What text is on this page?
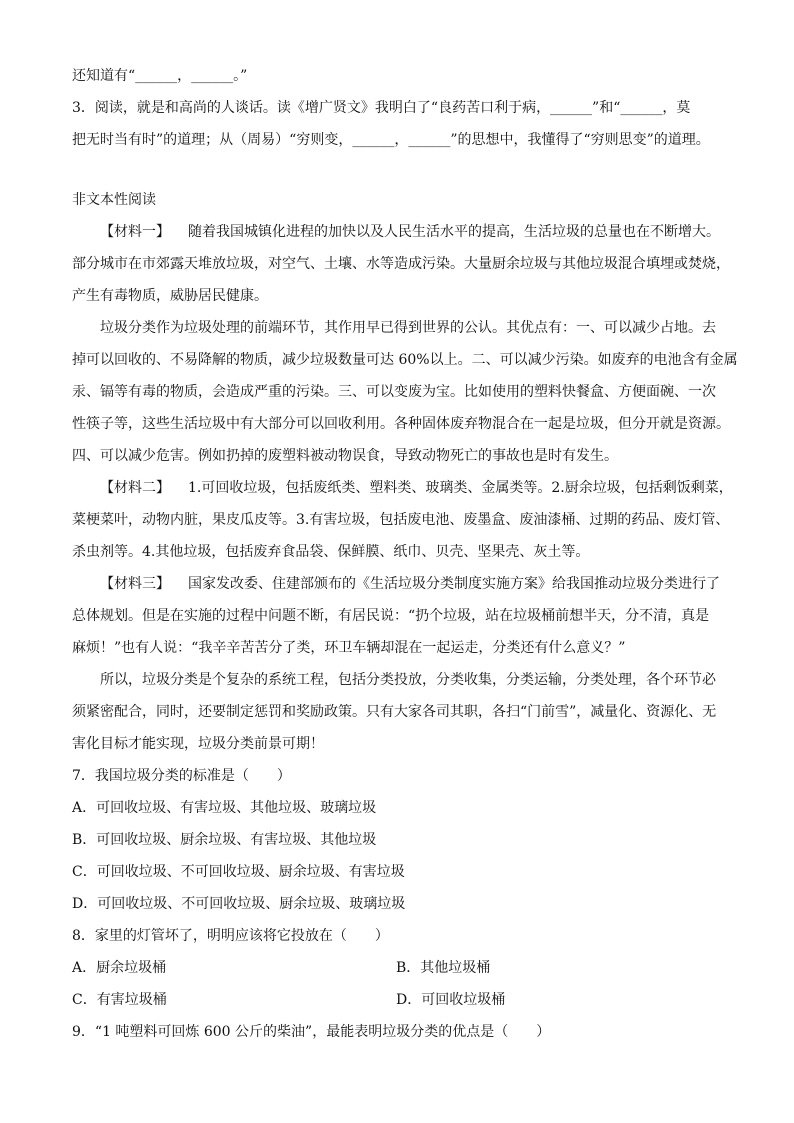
还知道有“______，______。”
3．阅读，就是和高尚的人谈话。读《增广贤文》我明白了“良药苦口利于病，______”和“______，莫
把无时当有时”的道理；从（周易）“穷则变，______，______”的思想中，我懂得了“穷则思变”的道理。
非文本性阅读
【材料一】 随着我国城镇化进程的加快以及人民生活水平的提高，生活垃圾的总量也在不断增大。
部分城市在市郊露天堆放垃圾，对空气、土壤、水等造成污染。大量厨余垃圾与其他垃圾混合填埋或焚烧，
产生有毒物质，威胁居民健康。
垃圾分类作为垃圾处理的前端环节，其作用早已得到世界的公认。其优点有：一、可以减少占地。去
掉可以回收的、不易降解的物质，减少垃圾数量可达 60%以上。二、可以减少污染。如废弃的电池含有金属
汞、镉等有毒的物质，会造成严重的污染。三、可以变废为宝。比如使用的塑料快餐盒、方便面碗、一次
性筷子等，这些生活垃圾中有大部分可以回收利用。各种固体废弃物混合在一起是垃圾，但分开就是资源。
四、可以减少危害。例如扔掉的废塑料被动物误食，导致动物死亡的事故也是时有发生。
【材料二】 1.可回收垃圾，包括废纸类、塑料类、玻璃类、金属类等。2.厨余垃圾，包括剩饭剩菜，
菜梗菜叶，动物内脏，果皮瓜皮等。3.有害垃圾，包括废电池、废墨盒、废油漆桶、过期的药品、废灯管、
杀虫剂等。4.其他垃圾，包括废弃食品袋、保鲜膜、纸巾、贝壳、坚果壳、灰土等。
【材料三】 国家发改委、住建部颁布的《生活垃圾分类制度实施方案》给我国推动垃圾分类进行了
总体规划。但是在实施的过程中问题不断，有居民说：“扔个垃圾，站在垃圾桶前想半天，分不清，真是
麻烦！”也有人说：“我辛辛苦苦分了类，环卫车辆却混在一起运走，分类还有什么意义？”
所以，垃圾分类是个复杂的系统工程，包括分类投放，分类收集，分类运输，分类处理，各个环节必
须紧密配合，同时，还要制定惩罚和奖励政策。只有大家各司其职，各扫“门前雪”，减量化、资源化、无
害化目标才能实现，垃圾分类前景可期！
7．我国垃圾分类的标准是（　　）
A．可回收垃圾、有害垃圾、其他垃圾、玻璃垃圾
B．可回收垃圾、厨余垃圾、有害垃圾、其他垃圾
C．可回收垃圾、不可回收垃圾、厨余垃圾、有害垃圾
D．可回收垃圾、不可回收垃圾、厨余垃圾、玻璃垃圾
8．家里的灯管坏了，明明应该将它投放在（　　）
A．厨余垃圾桶	B．其他垃圾桶
C．有害垃圾桶	D．可回收垃圾桶
9．“1 吨塑料可回炼 600 公斤的柴油”，最能表明垃圾分类的优点是（　　）
